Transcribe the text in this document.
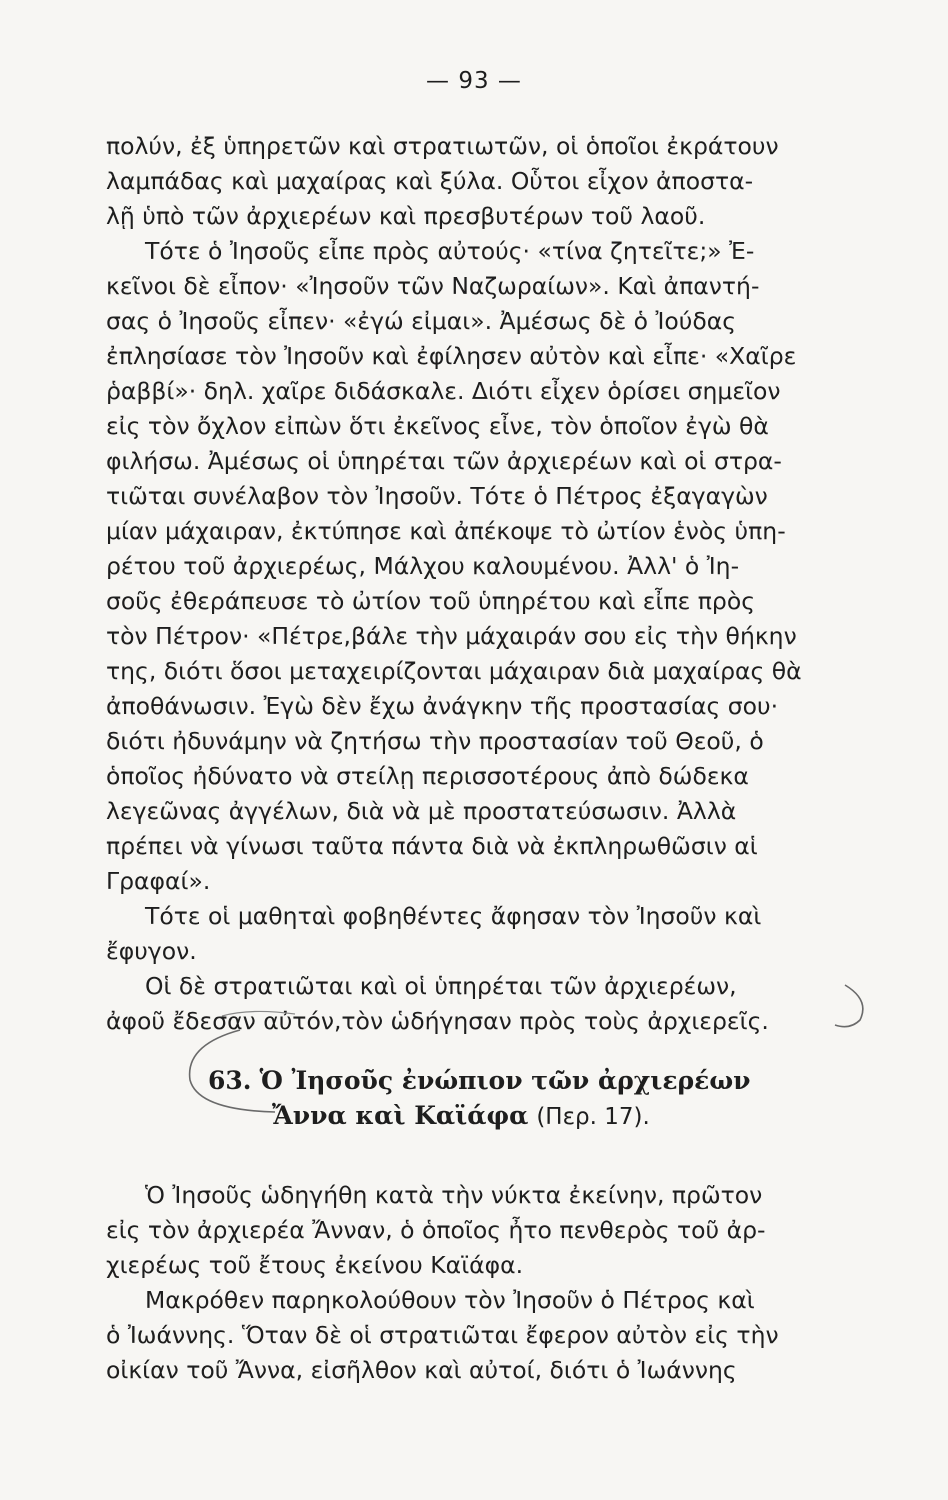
— 93 —
πολύν, ἐξ ὑπηρετῶν καὶ στρατιωτῶν, οἱ ὁποῖοι ἐκράτουν
λαμπάδας καὶ μαχαίρας καὶ ξύλα. Οὗτοι εἶχον ἀποστα-
λῇ ὑπὸ τῶν ἀρχιερέων καὶ πρεσβυτέρων τοῦ λαοῦ.
Τότε ὁ Ἰησοῦς εἶπε πρὸς αὐτούς· «τίνα ζητεῖτε;» Ἐ-
κεῖνοι δὲ εἶπον· «Ἰησοῦν τῶν Ναζωραίων». Καὶ ἀπαντή-
σας ὁ Ἰησοῦς εἶπεν· «ἐγώ εἰμαι». Ἀμέσως δὲ ὁ Ἰούδας
ἐπλησίασε τὸν Ἰησοῦν καὶ ἐφίλησεν αὐτὸν καὶ εἶπε· «Χαῖρε
ῥαββί»· δηλ. χαῖρε διδάσκαλε. Διότι εἶχεν ὁρίσει σημεῖον
εἰς τὸν ὄχλον εἰπὼν ὅτι ἐκεῖνος εἶνε, τὸν ὁποῖον ἐγὼ θὰ
φιλήσω. Ἀμέσως οἱ ὑπηρέται τῶν ἀρχιερέων καὶ οἱ στρα-
τιῶται συνέλαβον τὸν Ἰησοῦν. Τότε ὁ Πέτρος ἐξαγαγὼν
μίαν μάχαιραν, ἐκτύπησε καὶ ἀπέκοψε τὸ ὠτίον ἑνὸς ὑπη-
ρέτου τοῦ ἀρχιερέως, Μάλχου καλουμένου. Ἀλλ' ὁ Ἰη-
σοῦς ἐθεράπευσε τὸ ὠτίον τοῦ ὑπηρέτου καὶ εἶπε πρὸς
τὸν Πέτρον· «Πέτρε,βάλε τὴν μάχαιράν σου εἰς τὴν θήκην
της, διότι ὅσοι μεταχειρίζονται μάχαιραν διὰ μαχαίρας θὰ
ἀποθάνωσιν. Ἐγὼ δὲν ἔχω ἀνάγκην τῆς προστασίας σου·
διότι ἠδυνάμην νὰ ζητήσω τὴν προστασίαν τοῦ Θεοῦ, ὁ
ὁποῖος ἠδύνατο νὰ στείλῃ περισσοτέρους ἀπὸ δώδεκα
λεγεῶνας ἀγγέλων, διὰ νὰ μὲ προστατεύσωσιν. Ἀλλὰ
πρέπει νὰ γίνωσι ταῦτα πάντα διὰ νὰ ἐκπληρωθῶσιν αἱ
Γραφαί».
Τότε οἱ μαθηταὶ φοβηθέντες ἄφησαν τὸν Ἰησοῦν καὶ
ἔφυγον.
Οἱ δὲ στρατιῶται καὶ οἱ ὑπηρέται τῶν ἀρχιερέων,
ἀφοῦ ἔδεσαν αὐτόν,τὸν ὡδήγησαν πρὸς τοὺς ἀρχιερεῖς.
63. Ὁ Ἰησοῦς ἐνώπιον τῶν ἀρχιερέων
Ἄννα καὶ Καϊάφα (Περ. 17).
Ὁ Ἰησοῦς ὡδηγήθη κατὰ τὴν νύκτα ἐκείνην, πρῶτον
εἰς τὸν ἀρχιερέα Ἄνναν, ὁ ὁποῖος ἦτο πενθερὸς τοῦ ἀρ-
χιερέως τοῦ ἔτους ἐκείνου Καϊάφα.
Μακρόθεν παρηκολούθουν τὸν Ἰησοῦν ὁ Πέτρος καὶ
ὁ Ἰωάννης. Ὅταν δὲ οἱ στρατιῶται ἔφερον αὐτὸν εἰς τὴν
οἰκίαν τοῦ Ἄννα, εἰσῆλθον καὶ αὐτοί, διότι ὁ Ἰωάννης
